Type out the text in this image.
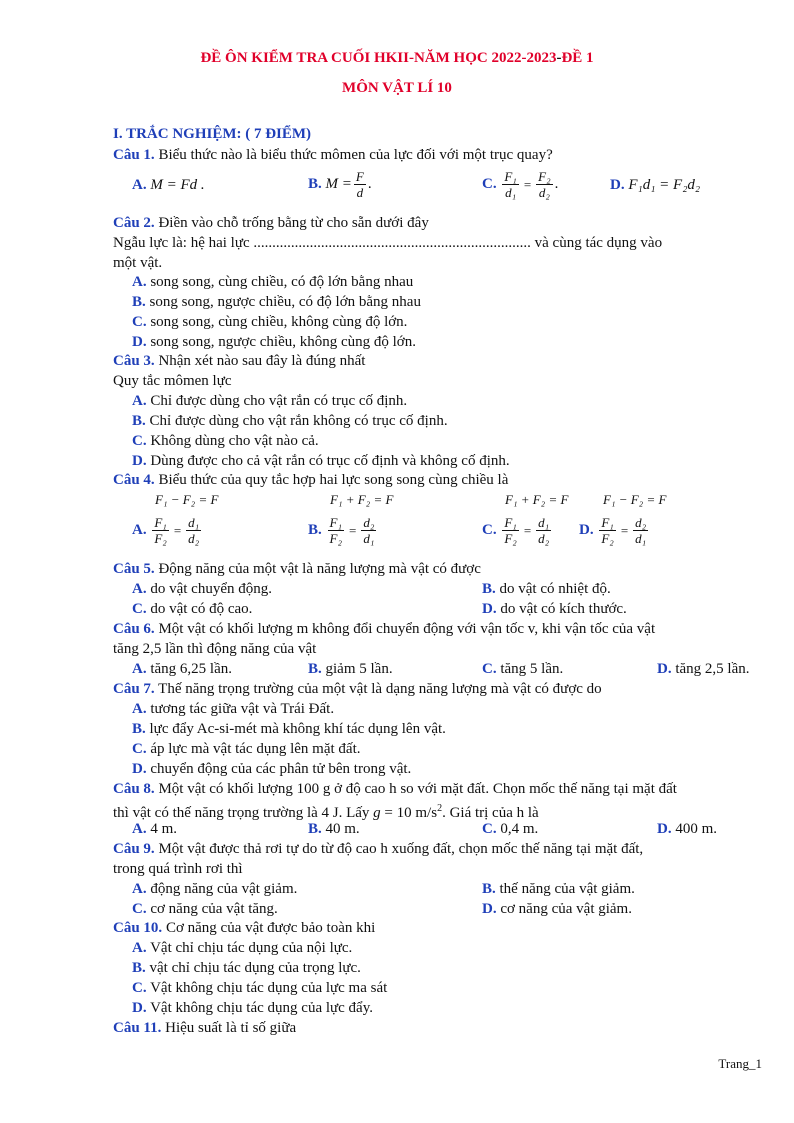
ĐỀ ÔN KIỂM TRA CUỐI HKII-NĂM HỌC 2022-2023-ĐỀ 1
MÔN VẬT LÍ 10
I. TRẮC NGHIỆM: ( 7 ĐIỂM)
Câu 1. Biểu thức nào là biểu thức mômen của lực đối với một trục quay?
A. M = Fd .	B. $M = \frac{F}{d}$ .	C. $\frac{\text{F₁}}{\text{d₁}} = \frac{\text{F₂}}{\text{d₂}}$ .	D. F₁d₁ = F₂d₂
Câu 2. Điền vào chỗ trống bằng từ cho sẵn dưới đây
Ngẫu lực là: hệ hai lực .......................................................................... và cùng tác dụng vào
một vật.
A. song song, cùng chiều, có độ lớn bằng nhau
B. song song, ngược chiều, có độ lớn bằng nhau
C. song song, cùng chiều, không cùng độ lớn.
D. song song, ngược chiều, không cùng độ lớn.
Câu 3. Nhận xét nào sau đây là đúng nhất
Quy tắc mômen lực
A. Chỉ được dùng cho vật rắn có trục cố định.
B. Chỉ được dùng cho vật rắn không có trục cố định.
C. Không dùng cho vật nào cả.
D. Dùng được cho cả vật rắn có trục cố định và không cố định.
Câu 4. Biểu thức của quy tắc hợp hai lực song song cùng chiều là
F₁ − F₂ = F
A. $\frac{\text{F₁}}{\text{F₂}} = \frac{\text{d₁}}{\text{d₂}}$
F₁ + F₂ = F
B. $\frac{\text{F₁}}{\text{F₂}} = \frac{\text{d₂}}{\text{d₁}}$
F₁ + F₂ = F
C. $\frac{\text{F₁}}{\text{F₂}} = \frac{\text{d₁}}{\text{d₂}}$
F₁ − F₂ = F
D. $\frac{\text{F₁}}{\text{F₂}} = \frac{\text{d₂}}{\text{d₁}}$
Câu 5. Động năng của một vật là năng lượng mà vật có được
A. do vật chuyển động.	B. do vật có nhiệt độ.
C. do vật có độ cao.	D. do vật có kích thước.
Câu 6. Một vật có khối lượng m không đổi chuyển động với vận tốc v, khi vận tốc của vật
tăng 2,5 lần thì động năng của vật
A. tăng 6,25 lần.	B. giảm 5 lần.	C. tăng 5 lần.	D. tăng 2,5 lần.
Câu 7. Thế năng trọng trường của một vật là dạng năng lượng mà vật có được do
A. tương tác giữa vật và Trái Đất.
B. lực đẩy Ac-si-mét mà không khí tác dụng lên vật.
C. áp lực mà vật tác dụng lên mặt đất.
D. chuyển động của các phân tử bên trong vật.
Câu 8. Một vật có khối lượng 100 g ở độ cao h so với mặt đất. Chọn mốc thế năng tại mặt đất
thì vật có thế năng trọng trường là 4 J. Lấy g = 10 $m/s^2$. Giá trị của h là
A. 4 m.	B. 40 m.	C. 0,4 m.	D. 400 m.
Câu 9. Một vật được thả rơi tự do từ độ cao h xuống đất, chọn mốc thế năng tại mặt đất,
trong quá trình rơi thì
A. động năng của vật giảm.	B. thế năng của vật giảm.
C. cơ năng của vật tăng.	D. cơ năng của vật giảm.
Câu 10. Cơ năng của vật được bảo toàn khi
A. Vật chỉ chịu tác dụng của nội lực.
B. vật chỉ chịu tác dụng của trọng lực.
C. Vật không chịu tác dụng của lực ma sát
D. Vật không chịu tác dụng của lực đẩy.
Câu 11. Hiệu suất là tỉ số giữa
Trang_1
